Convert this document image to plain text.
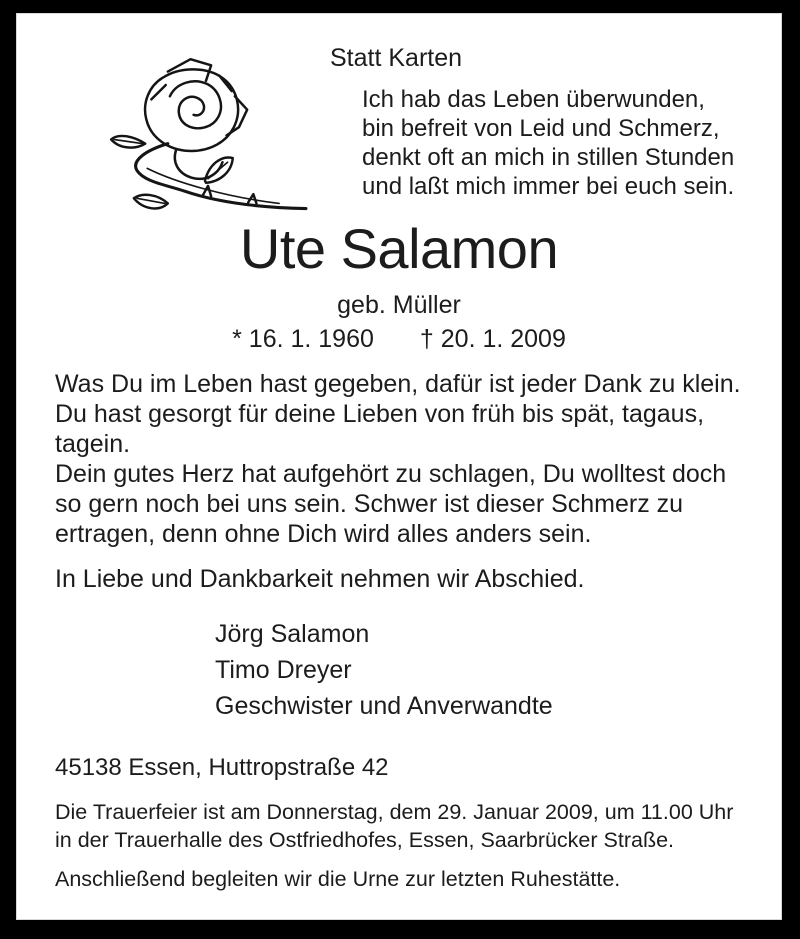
Statt Karten
Ich hab das Leben überwunden,
bin befreit von Leid und Schmerz,
denkt oft an mich in stillen Stunden
und laßt mich immer bei euch sein.
Ute Salamon
geb. Müller
* 16. 1. 1960 † 20. 1. 2009
Was Du im Leben hast gegeben, dafür ist jeder Dank zu klein.
Du hast gesorgt für deine Lieben von früh bis spät, tagaus,
tagein.
Dein gutes Herz hat aufgehört zu schlagen, Du wolltest doch
so gern noch bei uns sein. Schwer ist dieser Schmerz zu
ertragen, denn ohne Dich wird alles anders sein.
In Liebe und Dankbarkeit nehmen wir Abschied.
Jörg Salamon
Timo Dreyer
Geschwister und Anverwandte
45138 Essen, Huttropstraße 42
Die Trauerfeier ist am Donnerstag, dem 29. Januar 2009, um 11.00 Uhr
in der Trauerhalle des Ostfriedhofes, Essen, Saarbrücker Straße.
Anschließend begleiten wir die Urne zur letzten Ruhestätte.
